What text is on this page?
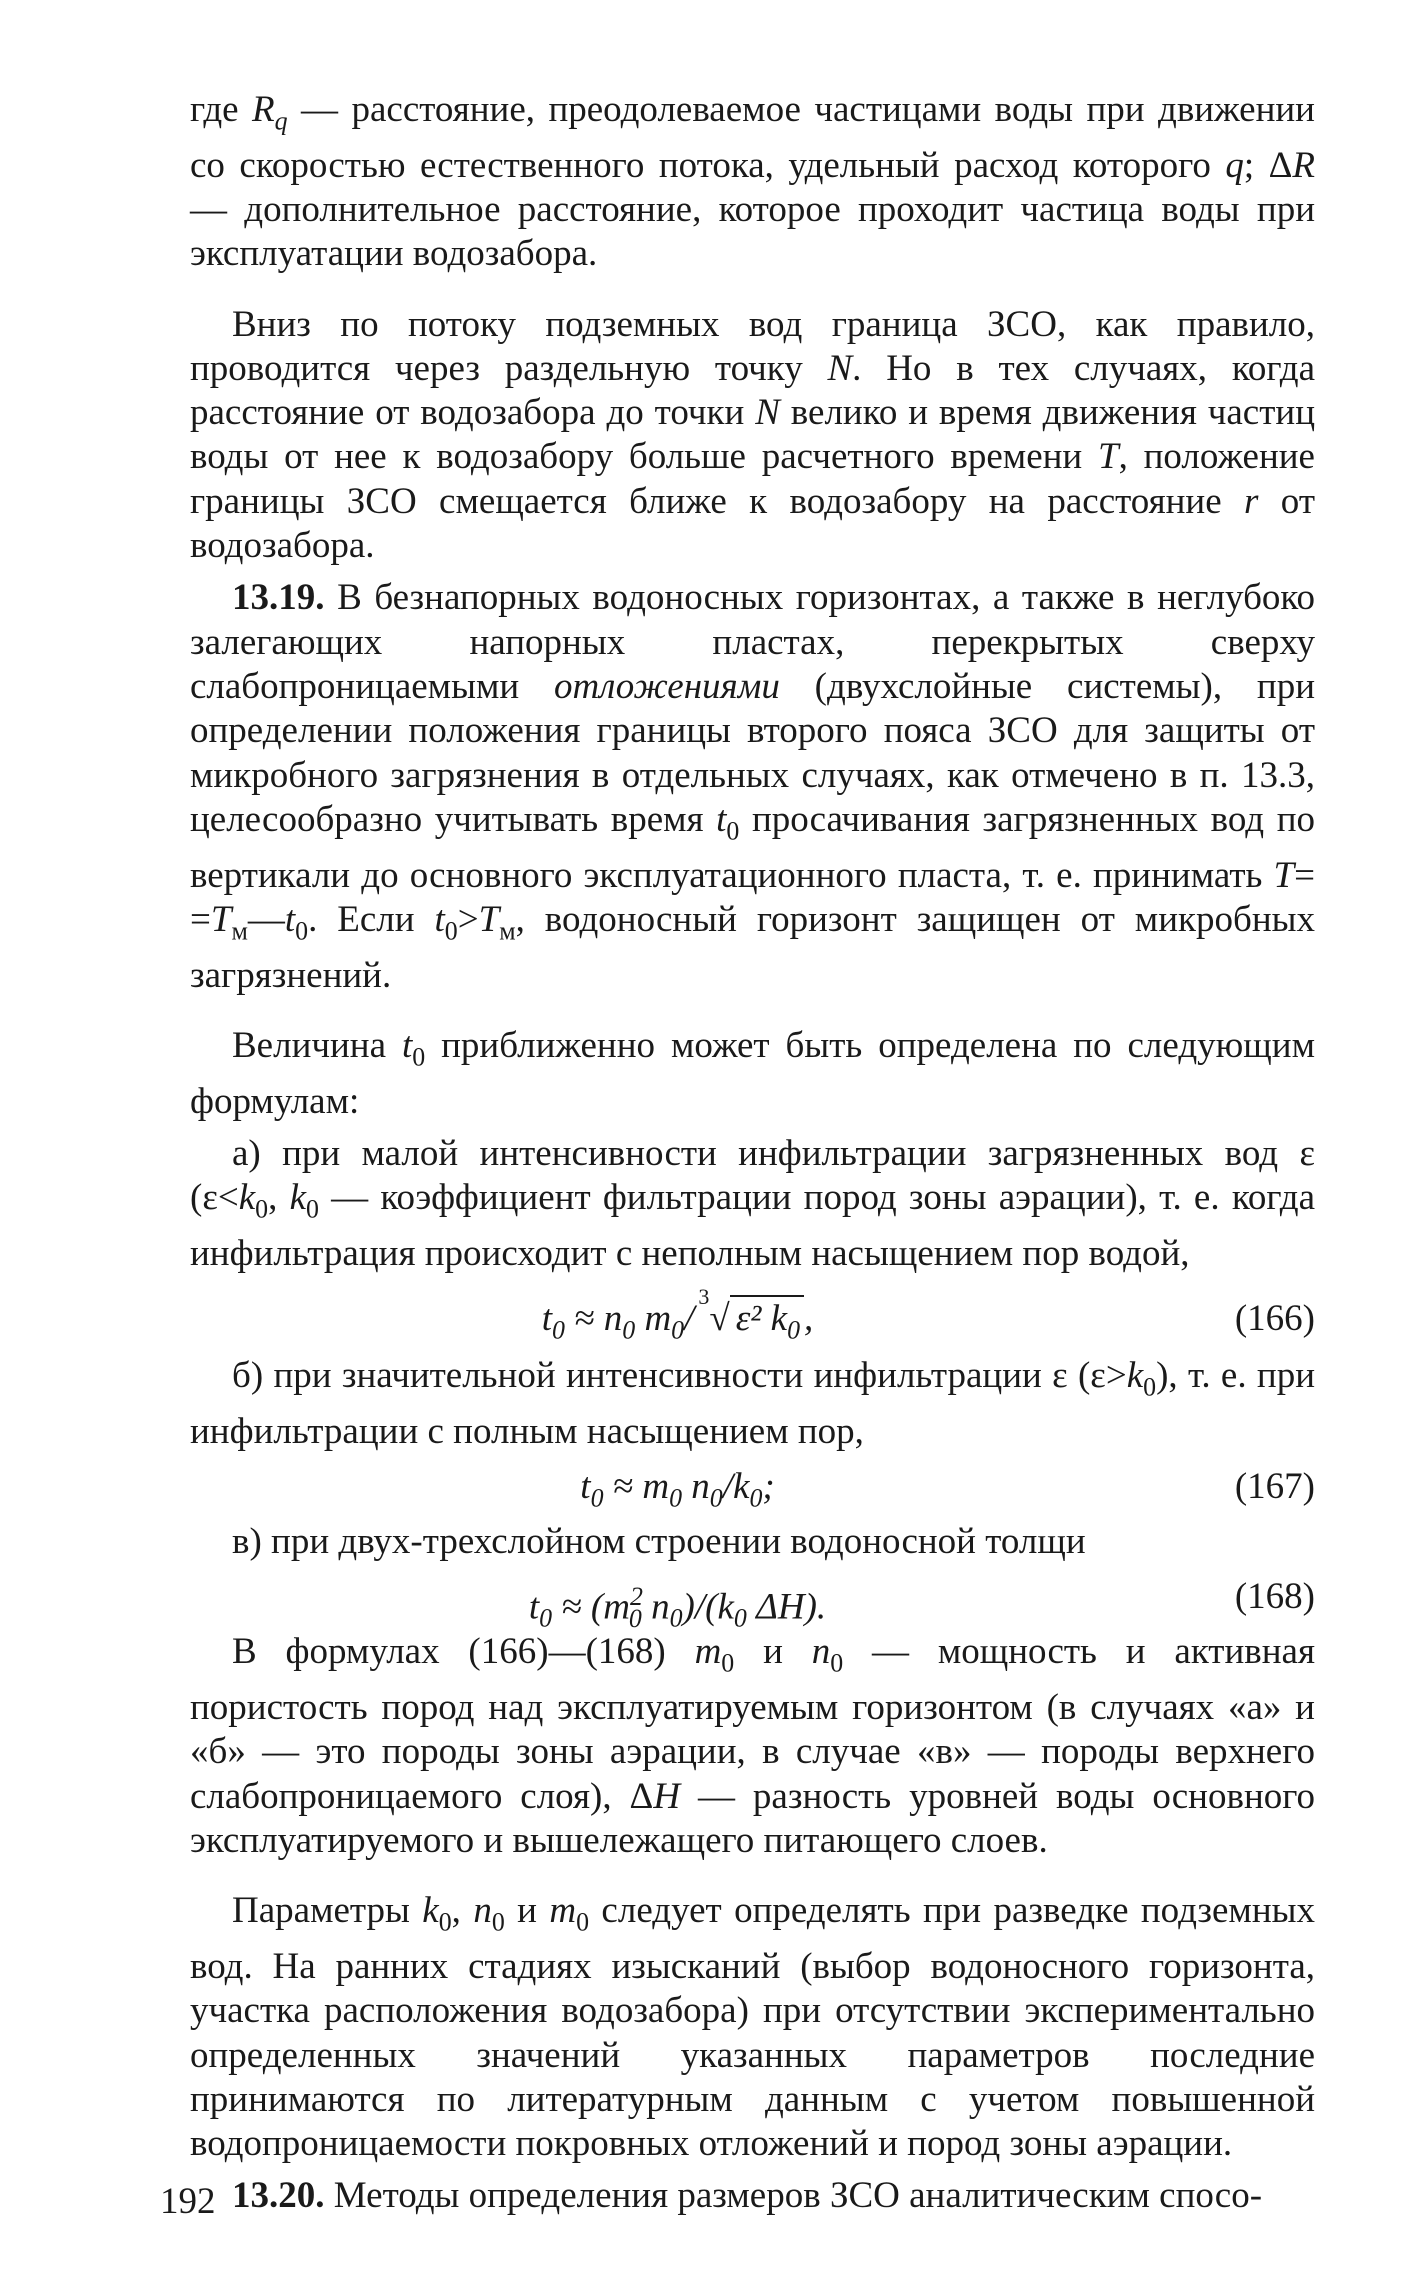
где $R_q$ — расстояние, преодолеваемое частицами воды при движении со скоростью естественного потока, удельный расход которого q; ΔR — дополнительное расстояние, которое проходит частица воды при эксплуатации водозабора.

Вниз по потоку подземных вод граница ЗСО, как правило, проводится через раздельную точку N. Но в тех случаях, когда расстояние от водозабора до точки N велико и время движения частиц воды от нее к водозабору больше расчетного времени T, положение границы ЗСО смещается ближе к водозабору на расстояние r от водозабора.

13.19. В безнапорных водоносных горизонтах, а также в неглубоко залегающих напорных пластах, перекрытых сверху слабопроницаемыми отложениями (двухслойные системы), при определении положения границы второго пояса ЗСО для защиты от микробного загрязнения в отдельных случаях, как отмечено в п. 13.3, целесообразно учитывать время $t_0$ просачивания загрязненных вод по вертикали до основного эксплуатационного пласта, т. е. принимать $T= =T_м—t_0$. Если $t_0>T_м$, водоносный горизонт защищен от микробных загрязнений.

Величина $t_0$ приближенно может быть определена по следующим формулам:

а) при малой интенсивности инфильтрации загрязненных вод ε ($\varepsilon<k_0$, $k_0$ — коэффициент фильтрации пород зоны аэрации), т. е. когда инфильтрация происходит с неполным насыщением пор водой,

$t_0 \approx n_0$ $m_0/^3√$ ε² $k_0$ ,	(166)

б) при значительной интенсивности инфильтрации ε $(\varepsilon>k_0)$, т. е. при инфильтрации с полным насыщением пор,

$t_0 \approx m_0$ $n_0/k_0$;	(167)

в) при двух-трехслойном строении водоносной толщи

$t_0 \approx (m^2_0$ $n_0)/(k_0$ ΔH).	(168)

В формулах (166)—(168) $m_0$ и $n_0$ — мощность и активная пористость пород над эксплуатируемым горизонтом (в случаях «а» и «б» — это породы зоны аэрации, в случае «в» — породы верхнего слабопроницаемого слоя), ΔH — разность уровней воды основного эксплуатируемого и вышележащего питающего слоев.

Параметры $k_0$, $n_0$ и $m_0$ следует определять при разведке подземных вод. На ранних стадиях изысканий (выбор водоносного горизонта, участка расположения водозабора) при отсутствии экспериментально определенных значений указанных параметров последние принимаются по литературным данным с учетом повышенной водопроницаемости покровных отложений и пород зоны аэрации.

13.20. Методы определения размеров ЗСО аналитическим спосо-

192
